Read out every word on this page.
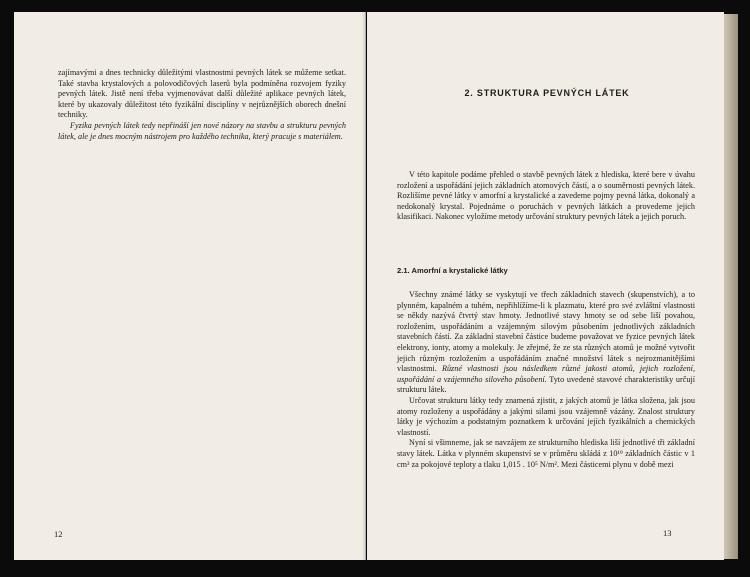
zajímavými a dnes technicky důležitými vlastnostmi pevných látek se můžeme setkat. Také stavba krystalových a polovodičových laserů byla podmíněna rozvojem fyziky pevných látek. Jistě není třeba vyjmenovávat další důležité aplikace pevných látek, které by ukazovaly důležitost této fyzikální disciplíny v nejrůznějších oborech dnešní techniky.

Fyzika pevných látek tedy nepřináší jen nové názory na stavbu a strukturu pevných látek, ale je dnes mocným nástrojem pro každého technika, který pracuje s materiálem.

12
2. STRUKTURA PEVNÝCH LÁTEK

V této kapitole podáme přehled o stavbě pevných látek z hlediska, které bere v úvahu rozložení a uspořádání jejich základních atomových částí, a o souměrnosti pevných látek. Rozlišíme pevné látky v amorfní a krystalické a zavedeme pojmy pevná látka, dokonalý a nedokonalý krystal. Pojednáme o poruchách v pevných látkách a provedeme jejich klasifikaci. Nakonec vyložíme metody určování struktury pevných látek a jejich poruch.

2.1. Amorfní a krystalické látky

Všechny známé látky se vyskytují ve třech základních stavech (skupenstvích), a to plynném, kapalném a tuhém, nepřihlížíme-li k plazmatu, které pro své zvláštní vlastnosti se někdy nazývá čtvrtý stav hmoty. Jednotlivé stavy hmoty se od sebe liší povahou, rozložením, uspořádáním a vzájemným silovým působením jednotlivých základních stavebních částí. Za základní stavební částice budeme považovat ve fyzice pevných látek elektrony, ionty, atomy a molekuly. Je zřejmé, že ze sta různých atomů je možné vytvořit jejich různým rozložením a uspořádáním značné množství látek s nejrozmanitějšími vlastnostmi. Různé vlastnosti jsou následkem různé jakosti atomů, jejich rozložení, uspořádání a vzájemného silového působení. Tyto uvedené stavové charakteristiky určují strukturu látek.

Určovat strukturu látky tedy znamená zjistit, z jakých atomů je látka složena, jak jsou atomy rozloženy a uspořádány a jakými silami jsou vzájemně vázány. Znalost struktury látky je výchozím a podstatným poznatkem k určování jejích fyzikálních a chemických vlastností.

Nyní si všimneme, jak se navzájem ze strukturního hlediska liší jednotlivé tři základní stavy látek. Látka v plynném skupenství se v průměru skládá z 10¹⁹ základních částic v 1 cm³ za pokojové teploty a tlaku 1,015 . 10⁵ N/m². Mezi částicemi plynu v době mezi

13
